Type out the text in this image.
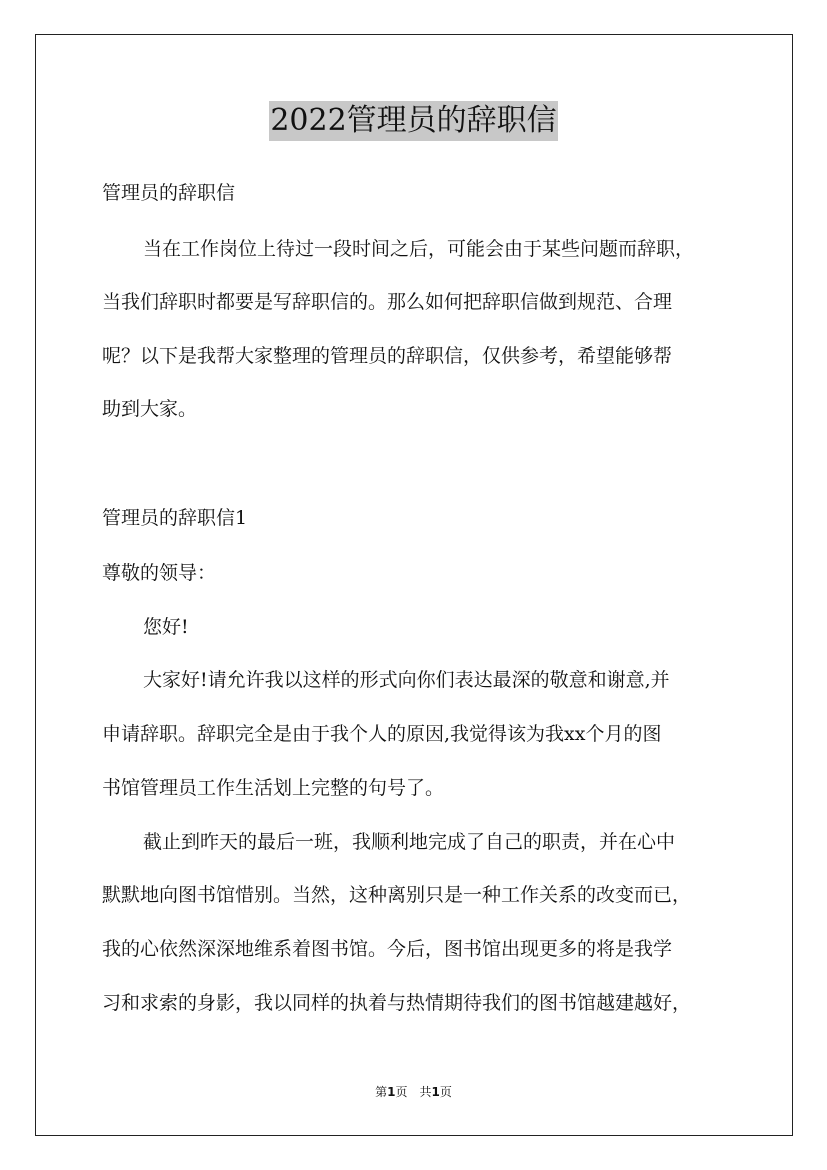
2022管理员的辞职信

管理员的辞职信

当在工作岗位上待过一段时间之后，可能会由于某些问题而辞职，

当我们辞职时都要是写辞职信的。那么如何把辞职信做到规范、合理

呢？以下是我帮大家整理的管理员的辞职信，仅供参考，希望能够帮

助到大家。

管理员的辞职信1

尊敬的领导：

您好!

大家好!请允许我以这样的形式向你们表达最深的敬意和谢意,并

申请辞职。辞职完全是由于我个人的原因,我觉得该为我xx个月的图

书馆管理员工作生活划上完整的句号了。

截止到昨天的最后一班，我顺利地完成了自己的职责，并在心中

默默地向图书馆惜别。当然，这种离别只是一种工作关系的改变而已，

我的心依然深深地维系着图书馆。今后，图书馆出现更多的将是我学

习和求索的身影，我以同样的执着与热情期待我们的图书馆越建越好，

第1页　共1页
